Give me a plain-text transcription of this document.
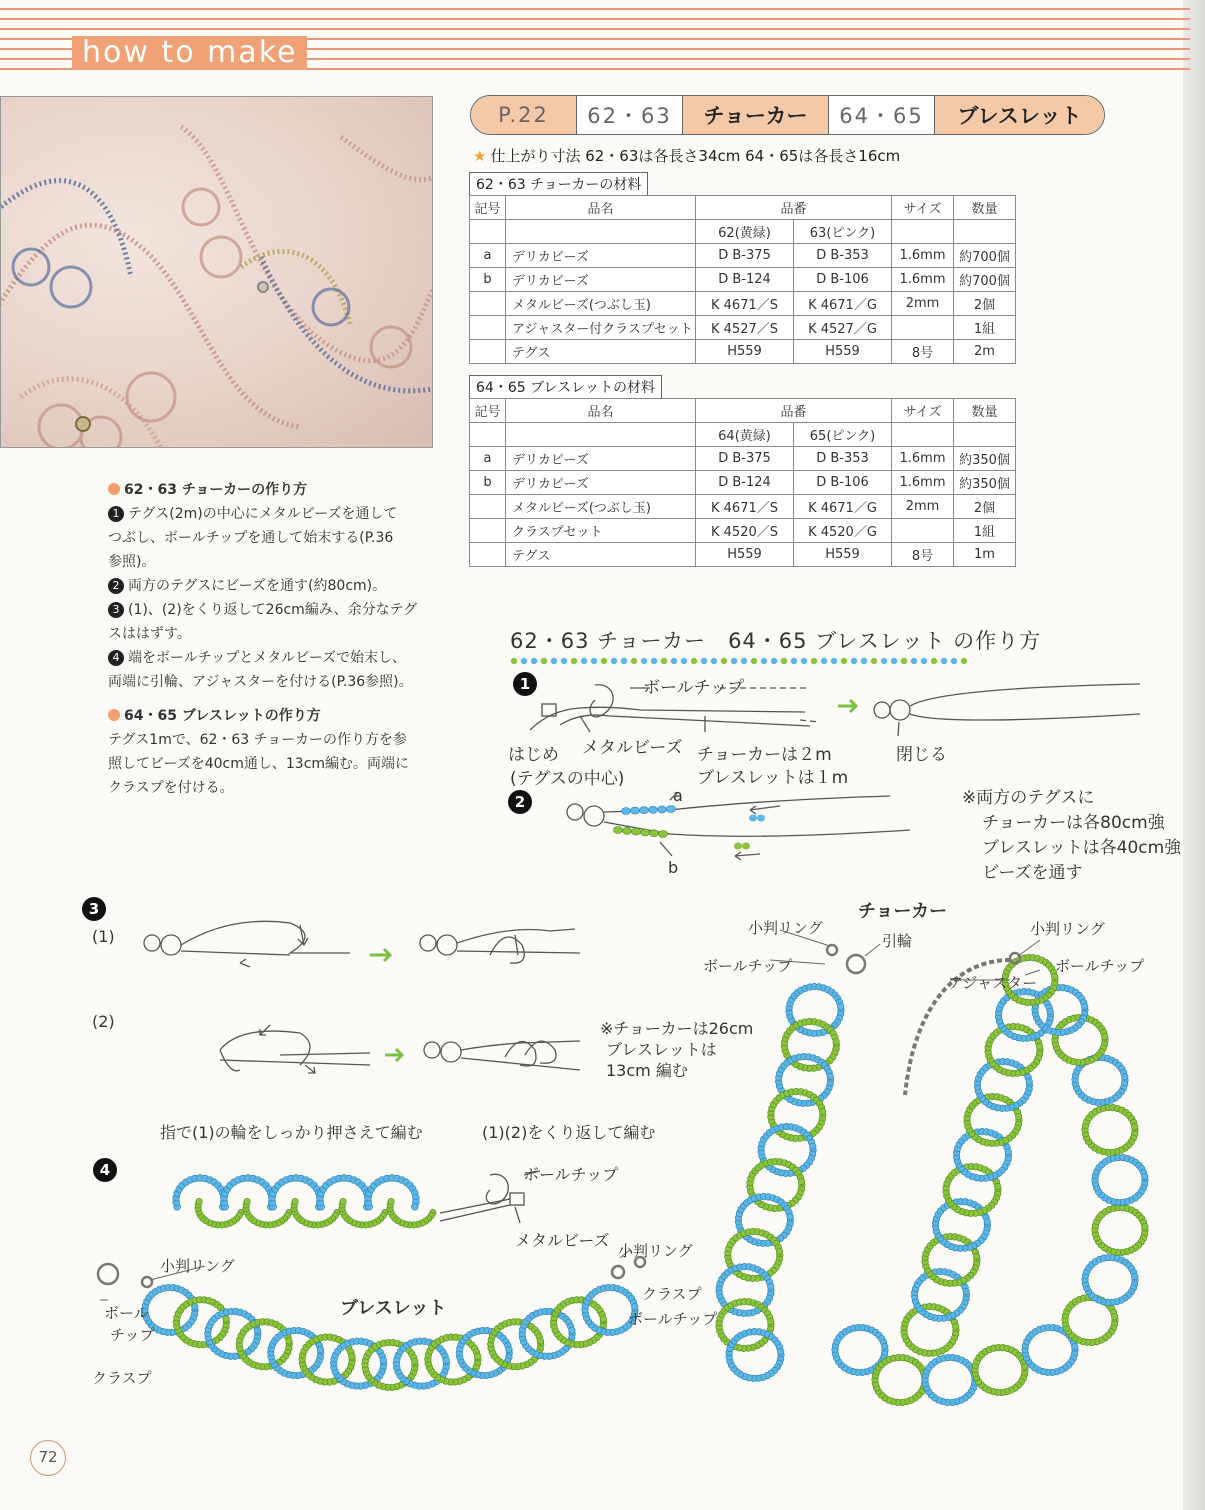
how to make
P.22	62・63	チョーカー	64・65	ブレスレット
★ 仕上がり寸法 62・63は各長さ34cm 64・65は各長さ16cm
62・63 チョーカーの材料
記号	品名	品番		サイズ	数量
		62(黄緑)	63(ピンク)		
a	デリカビーズ	D B-375	D B-353	1.6mm	約700個
b	デリカビーズ	D B-124	D B-106	1.6mm	約700個
	メタルビーズ(つぶし玉)	K 4671／S	K 4671／G	2mm	2個
	アジャスター付クラスプセット	K 4527／S	K 4527／G		1組
	テグス	H559	H559	8号	2m
64・65 ブレスレットの材料
記号	品名	品番		サイズ	数量
		64(黄緑)	65(ピンク)		
a	デリカビーズ	D B-375	D B-353	1.6mm	約350個
b	デリカビーズ	D B-124	D B-106	1.6mm	約350個
	メタルビーズ(つぶし玉)	K 4671／S	K 4671／G	2mm	2個
	クラスプセット	K 4520／S	K 4520／G		1組
	テグス	H559	H559	8号	1m
62・63 チョーカーの作り方
1 テグス(2m)の中心にメタルビーズを通して
つぶし、ボールチップを通して始末する(P.36
参照)。
2 両方のテグスにビーズを通す(約80cm)。
3 (1)、(2)をくり返して26cm編み、余分なテグ
スははずす。
4 端をボールチップとメタルビーズで始末し、
両端に引輪、アジャスターを付ける(P.36参照)。
64・65 ブレスレットの作り方
テグス1mで、62・63 チョーカーの作り方を参
照してビーズを40cm通し、13cm編む。両端に
クラスプを付ける。
62・63 チョーカー　64・65 ブレスレット の作り方
1	ボールチップ
メタルビーズ
はじめ
(テグスの中心)
チョーカーは２m
ブレスレットは１m
閉じる
2	a
b
※両方のテグスに
チョーカーは各80cm強
ブレスレットは各40cm強
ビーズを通す
3
(1)
(2)	※チョーカーは26cm
ブレスレットは
13cm 編む
指で(1)の輪をしっかり押さえて編む	(1)(2)をくり返して編む
4	ボールチップ
メタルビーズ
チョーカー
小判リング
引輪
ボールチップ
小判リング
アジャスター
ボールチップ
ブレスレット
小判リング
ボール
チップ
クラスプ
小判リング
クラスプ
ボールチップ
72
